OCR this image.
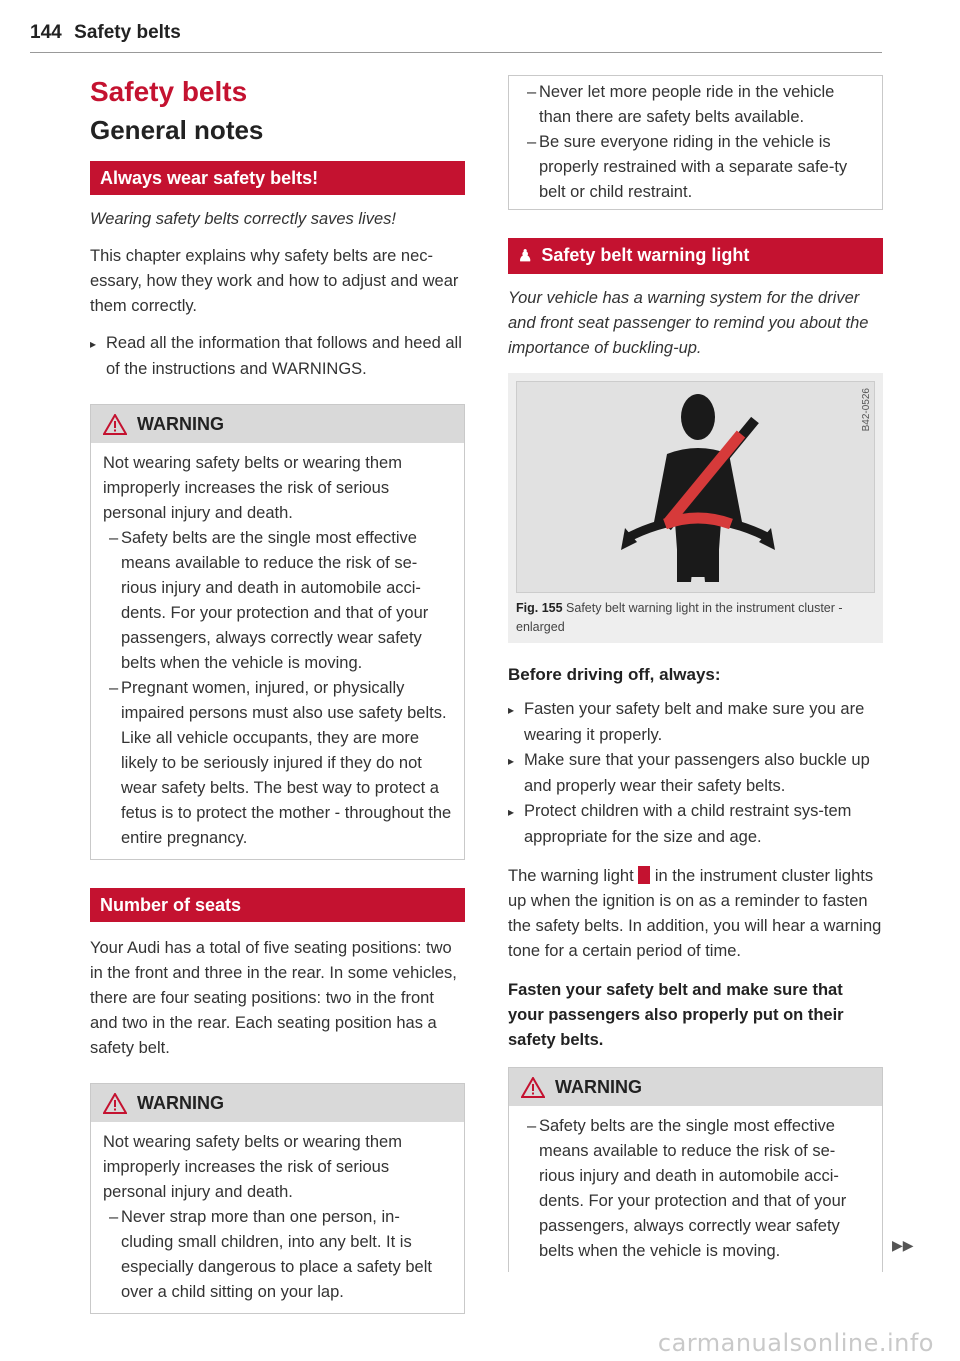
144 Safety belts
Safety belts
General notes
Always wear safety belts!
Wearing safety belts correctly saves lives!

This chapter explains why safety belts are nec-essary, how they work and how to adjust and wear them correctly.

▸ Read all the information that follows and heed all of the instructions and WARNINGS.
WARNING
Not wearing safety belts or wearing them improperly increases the risk of serious personal injury and death.
– Safety belts are the single most effective means available to reduce the risk of se-rious injury and death in automobile acci-dents. For your protection and that of your passengers, always correctly wear safety belts when the vehicle is moving.
– Pregnant women, injured, or physically impaired persons must also use safety belts. Like all vehicle occupants, they are more likely to be seriously injured if they do not wear safety belts. The best way to protect a fetus is to protect the mother - throughout the entire pregnancy.
Number of seats

Your Audi has a total of five seating positions: two in the front and three in the rear. In some vehicles, there are four seating positions: two in the front and two in the rear. Each seating position has a safety belt.

WARNING
Not wearing safety belts or wearing them improperly increases the risk of serious personal injury and death.
– Never strap more than one person, in-cluding small children, into any belt. It is especially dangerous to place a safety belt over a child sitting on your lap.
– Never let more people ride in the vehicle than there are safety belts available.
– Be sure everyone riding in the vehicle is properly restrained with a separate safe-ty belt or child restraint.
♟ Safety belt warning light
Your vehicle has a warning system for the driver and front seat passenger to remind you about the importance of buckling-up.
B42-0526
Fig. 155 Safety belt warning light in the instrument cluster - enlarged
Before driving off, always:
▸ Fasten your safety belt and make sure you are wearing it properly.
▸ Make sure that your passengers also buckle up and properly wear their safety belts.
▸ Protect children with a child restraint sys-tem appropriate for the size and age.

The warning light in the instrument cluster lights up when the ignition is on as a reminder to fasten the safety belts. In addition, you will hear a warning tone for a certain period of time.

Fasten your safety belt and make sure that your passengers also properly put on their safety belts.
WARNING
– Safety belts are the single most effective means available to reduce the risk of se-rious injury and death in automobile acci-dents. For your protection and that of your passengers, always correctly wear safety belts when the vehicle is moving.	▶▶
carmanualsonline.info
